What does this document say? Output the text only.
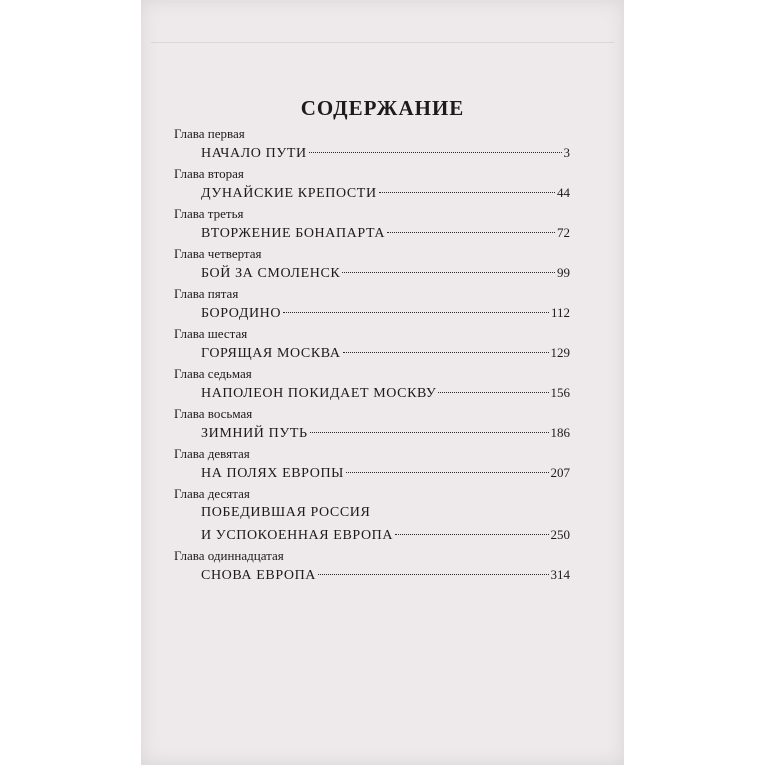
СОДЕРЖАНИЕ
Глава первая
НАЧАЛО ПУТИ	3
Глава вторая
ДУНАЙСКИЕ КРЕПОСТИ	44
Глава третья
ВТОРЖЕНИЕ БОНАПАРТА	72
Глава четвертая
БОЙ ЗА СМОЛЕНСК	99
Глава пятая
БОРОДИНО	112
Глава шестая
ГОРЯЩАЯ МОСКВА	129
Глава седьмая
НАПОЛЕОН ПОКИДАЕТ МОСКВУ	156
Глава восьмая
ЗИМНИЙ ПУТЬ	186
Глава девятая
НА ПОЛЯХ ЕВРОПЫ	207
Глава десятая
ПОБЕДИВШАЯ РОССИЯ
И УСПОКОЕННАЯ ЕВРОПА	250
Глава одиннадцатая
СНОВА ЕВРОПА	314
